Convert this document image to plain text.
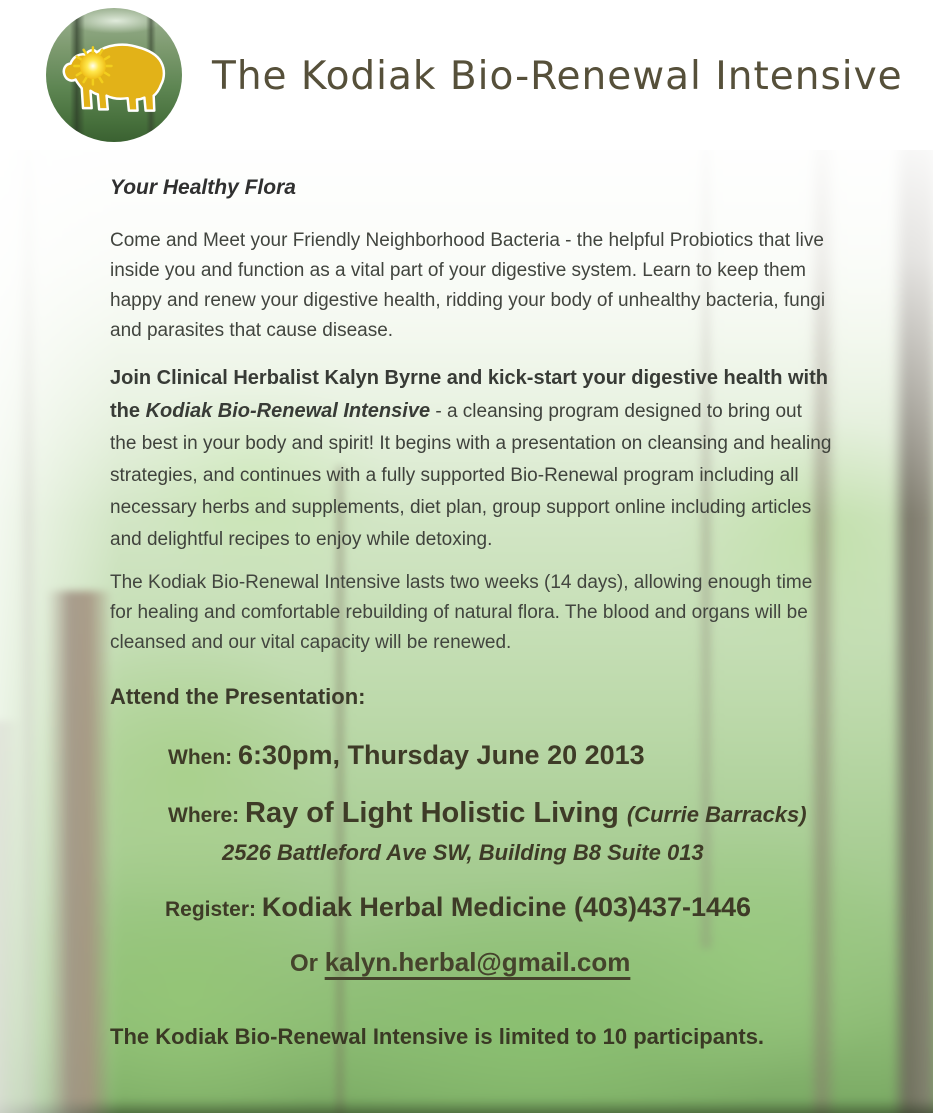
The Kodiak Bio-Renewal Intensive
Your Healthy Flora

Come and Meet your Friendly Neighborhood Bacteria - the helpful Probiotics that live inside you and function as a vital part of your digestive system. Learn to keep them happy and renew your digestive health, ridding your body of unhealthy bacteria, fungi and parasites that cause disease.

Join Clinical Herbalist Kalyn Byrne and kick-start your digestive health with the Kodiak Bio-Renewal Intensive - a cleansing program designed to bring out the best in your body and spirit! It begins with a presentation on cleansing and healing strategies, and continues with a fully supported Bio-Renewal program including all necessary herbs and supplements, diet plan, group support online including articles and delightful recipes to enjoy while detoxing.

The Kodiak Bio-Renewal Intensive lasts two weeks (14 days), allowing enough time for healing and comfortable rebuilding of natural flora. The blood and organs will be cleansed and our vital capacity will be renewed.

Attend the Presentation:
When: 6:30pm, Thursday June 20 2013
Where: Ray of Light Holistic Living (Currie Barracks)
2526 Battleford Ave SW, Building B8 Suite 013
Register: Kodiak Herbal Medicine (403)437-1446
Or kalyn.herbal@gmail.com
The Kodiak Bio-Renewal Intensive is limited to 10 participants.
